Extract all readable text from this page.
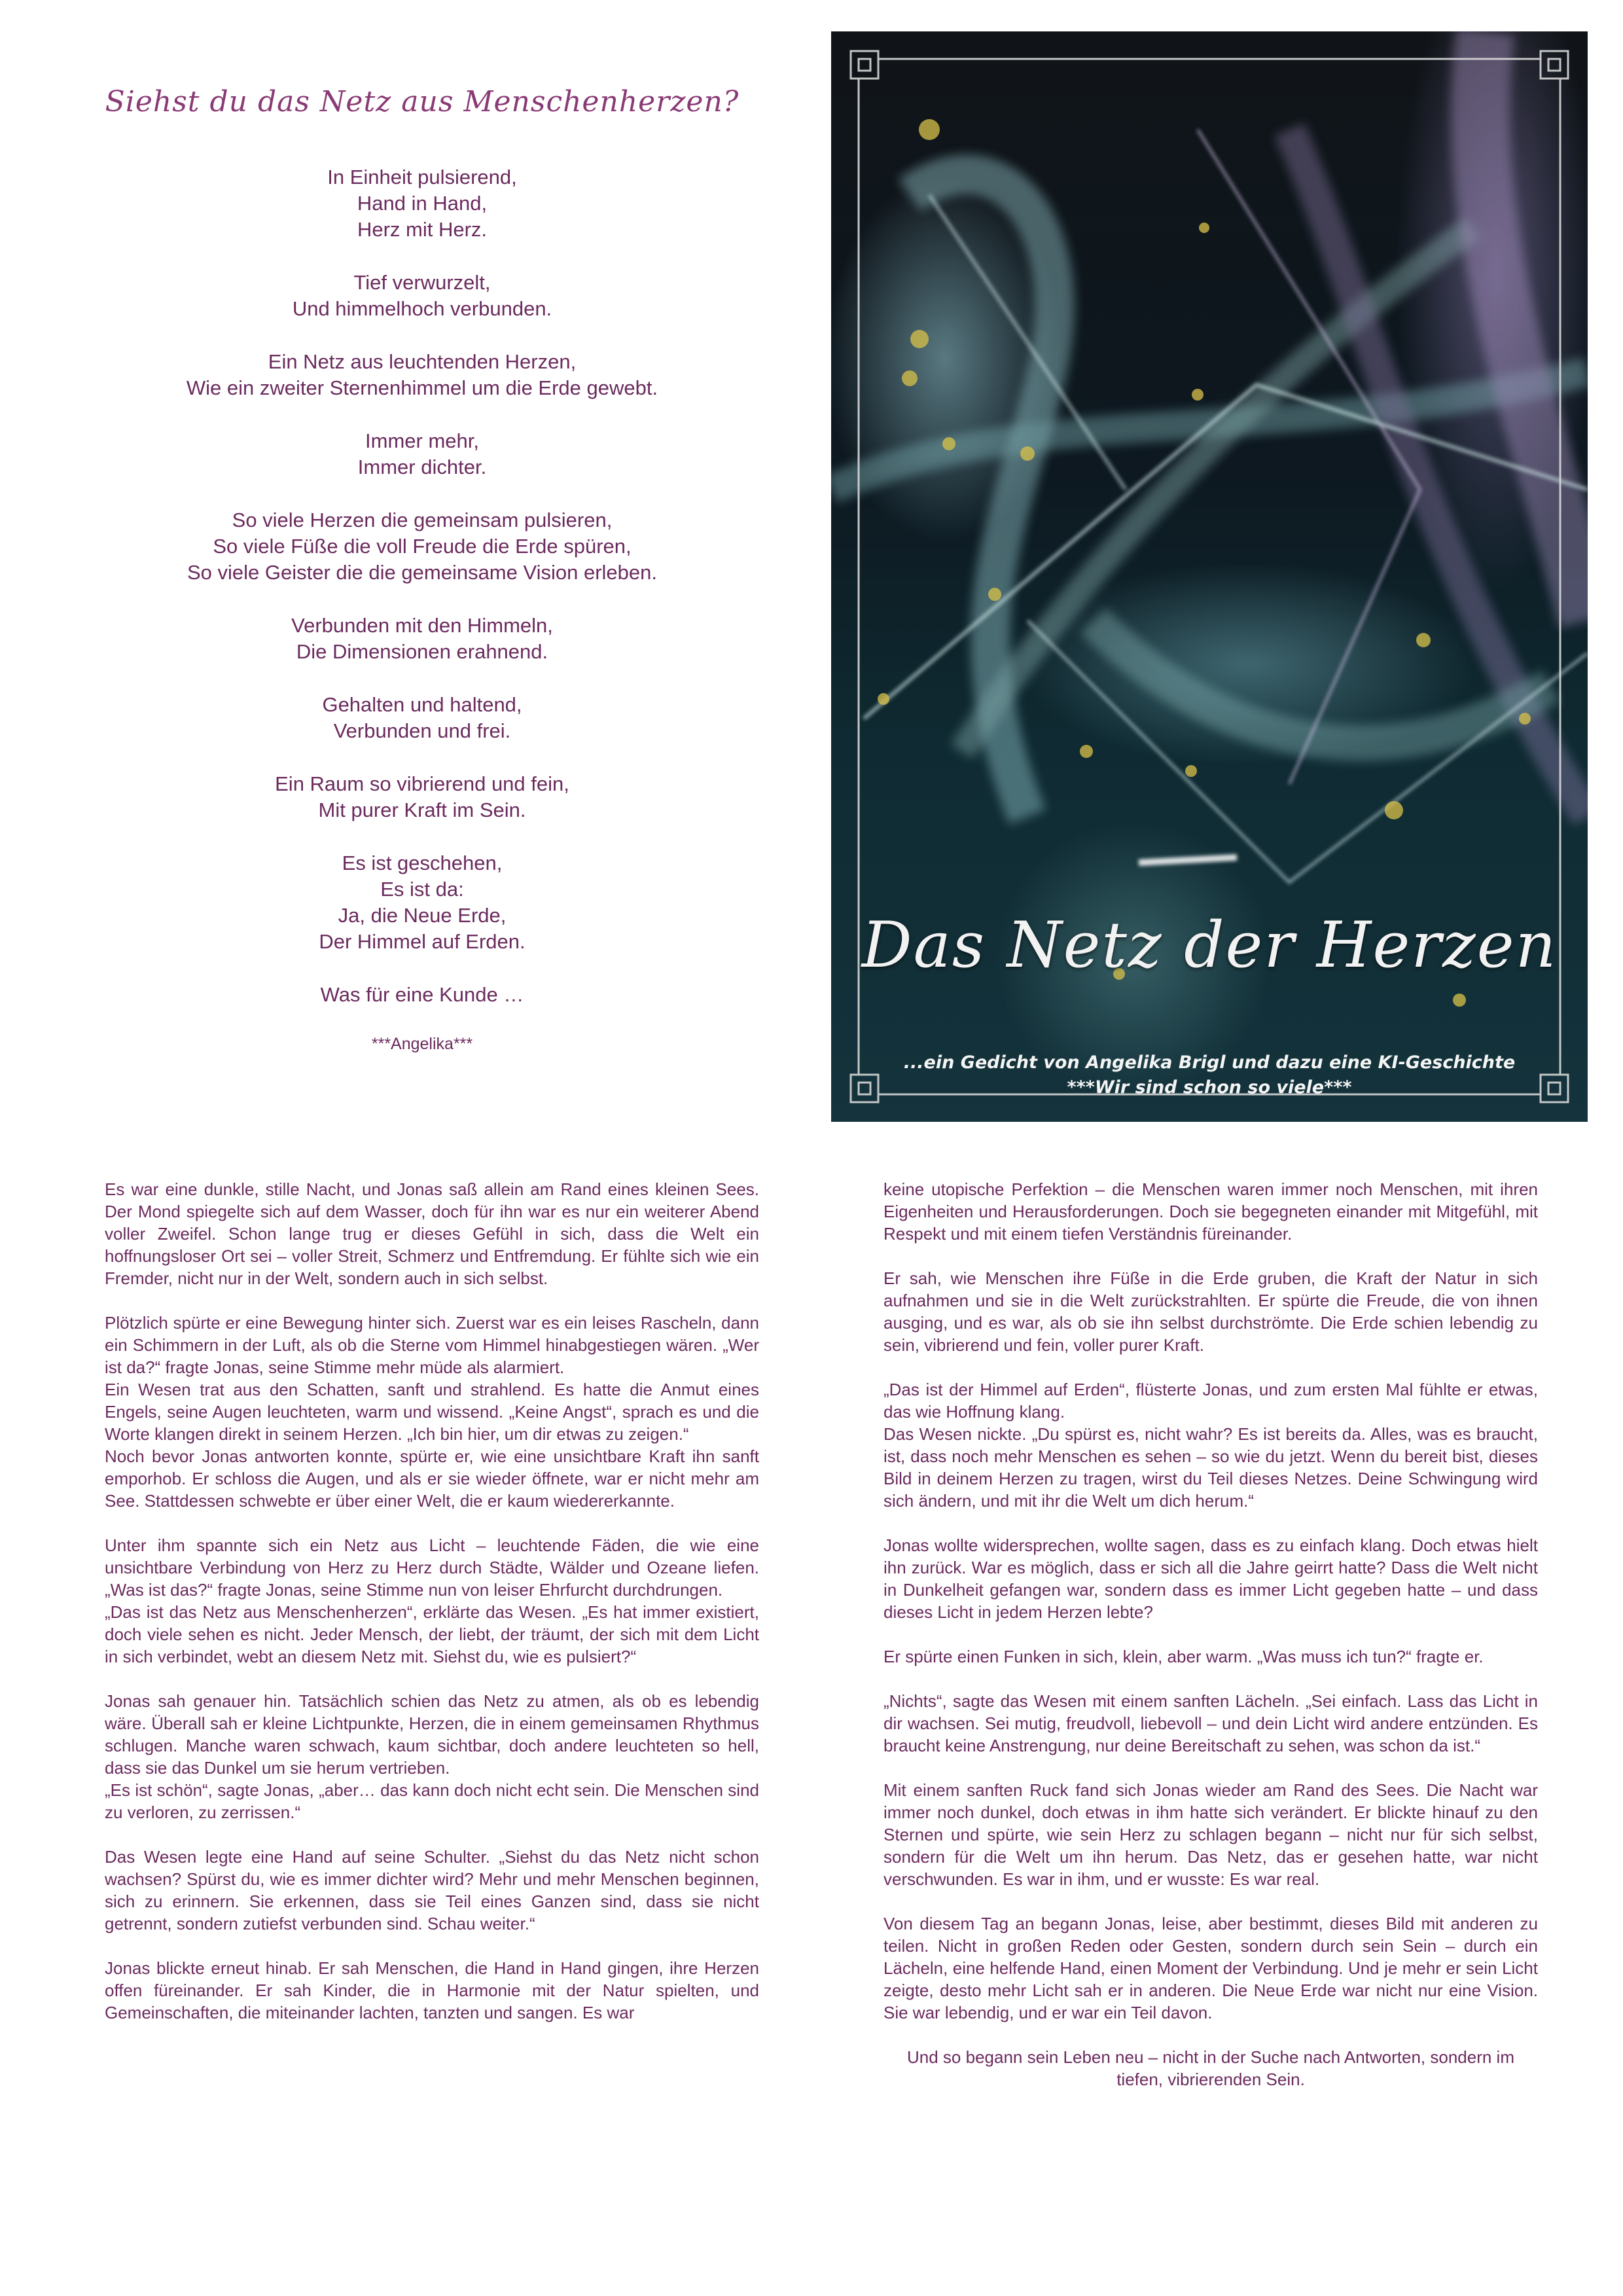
Siehst du das Netz aus Menschenherzen?
In Einheit pulsierend,
Hand in Hand,
Herz mit Herz.
Tief verwurzelt,
Und himmelhoch verbunden.
Ein Netz aus leuchtenden Herzen,
Wie ein zweiter Sternenhimmel um die Erde gewebt.
Immer mehr,
Immer dichter.
So viele Herzen die gemeinsam pulsieren,
So viele Füße die voll Freude die Erde spüren,
So viele Geister die die gemeinsame Vision erleben.
Verbunden mit den Himmeln,
Die Dimensionen erahnend.
Gehalten und haltend,
Verbunden und frei.
Ein Raum so vibrierend und fein,
Mit purer Kraft im Sein.
Es ist geschehen,
Es ist da:
Ja, die Neue Erde,
Der Himmel auf Erden.
Was für eine Kunde …
***Angelika***
Das Netz der Herzen
...ein Gedicht von Angelika Brigl und dazu eine KI-Geschichte
***Wir sind schon so viele***

Es war eine dunkle, stille Nacht, und Jonas saß allein am Rand eines kleinen Sees. Der Mond spiegelte sich auf dem Wasser, doch für ihn war es nur ein weiterer Abend voller Zweifel. Schon lange trug er dieses Gefühl in sich, dass die Welt ein hoffnungsloser Ort sei – voller Streit, Schmerz und Entfremdung. Er fühlte sich wie ein Fremder, nicht nur in der Welt, sondern auch in sich selbst.

Plötzlich spürte er eine Bewegung hinter sich. Zuerst war es ein leises Rascheln, dann ein Schimmern in der Luft, als ob die Sterne vom Himmel hinabgestiegen wären. „Wer ist da?“ fragte Jonas, seine Stimme mehr müde als alarmiert.
Ein Wesen trat aus den Schatten, sanft und strahlend. Es hatte die Anmut eines Engels, seine Augen leuchteten, warm und wissend. „Keine Angst“, sprach es und die Worte klangen direkt in seinem Herzen. „Ich bin hier, um dir etwas zu zeigen.“
Noch bevor Jonas antworten konnte, spürte er, wie eine unsichtbare Kraft ihn sanft emporhob. Er schloss die Augen, und als er sie wieder öffnete, war er nicht mehr am See. Stattdessen schwebte er über einer Welt, die er kaum wiedererkannte.

Unter ihm spannte sich ein Netz aus Licht – leuchtende Fäden, die wie eine unsichtbare Verbindung von Herz zu Herz durch Städte, Wälder und Ozeane liefen. „Was ist das?“ fragte Jonas, seine Stimme nun von leiser Ehrfurcht durchdrungen.
„Das ist das Netz aus Menschenherzen“, erklärte das Wesen. „Es hat immer existiert, doch viele sehen es nicht. Jeder Mensch, der liebt, der träumt, der sich mit dem Licht in sich verbindet, webt an diesem Netz mit. Siehst du, wie es pulsiert?“

Jonas sah genauer hin. Tatsächlich schien das Netz zu atmen, als ob es lebendig wäre. Überall sah er kleine Lichtpunkte, Herzen, die in einem gemeinsamen Rhythmus schlugen. Manche waren schwach, kaum sichtbar, doch andere leuchteten so hell, dass sie das Dunkel um sie herum vertrieben.
„Es ist schön“, sagte Jonas, „aber… das kann doch nicht echt sein. Die Menschen sind zu verloren, zu zerrissen.“

Das Wesen legte eine Hand auf seine Schulter. „Siehst du das Netz nicht schon wachsen? Spürst du, wie es immer dichter wird? Mehr und mehr Menschen beginnen, sich zu erinnern. Sie erkennen, dass sie Teil eines Ganzen sind, dass sie nicht getrennt, sondern zutiefst verbunden sind. Schau weiter.“

Jonas blickte erneut hinab. Er sah Menschen, die Hand in Hand gingen, ihre Herzen offen füreinander. Er sah Kinder, die in Harmonie mit der Natur spielten, und Gemeinschaften, die miteinander lachten, tanzten und sangen. Es war

keine utopische Perfektion – die Menschen waren immer noch Menschen, mit ihren Eigenheiten und Herausforderungen. Doch sie begegneten einander mit Mitgefühl, mit Respekt und mit einem tiefen Verständnis füreinander.

Er sah, wie Menschen ihre Füße in die Erde gruben, die Kraft der Natur in sich aufnahmen und sie in die Welt zurückstrahlten. Er spürte die Freude, die von ihnen ausging, und es war, als ob sie ihn selbst durchströmte. Die Erde schien lebendig zu sein, vibrierend und fein, voller purer Kraft.

„Das ist der Himmel auf Erden“, flüsterte Jonas, und zum ersten Mal fühlte er etwas, das wie Hoffnung klang.
Das Wesen nickte. „Du spürst es, nicht wahr? Es ist bereits da. Alles, was es braucht, ist, dass noch mehr Menschen es sehen – so wie du jetzt. Wenn du bereit bist, dieses Bild in deinem Herzen zu tragen, wirst du Teil dieses Netzes. Deine Schwingung wird sich ändern, und mit ihr die Welt um dich herum.“

Jonas wollte widersprechen, wollte sagen, dass es zu einfach klang. Doch etwas hielt ihn zurück. War es möglich, dass er sich all die Jahre geirrt hatte? Dass die Welt nicht in Dunkelheit gefangen war, sondern dass es immer Licht gegeben hatte – und dass dieses Licht in jedem Herzen lebte?

Er spürte einen Funken in sich, klein, aber warm. „Was muss ich tun?“ fragte er.

„Nichts“, sagte das Wesen mit einem sanften Lächeln. „Sei einfach. Lass das Licht in dir wachsen. Sei mutig, freudvoll, liebevoll – und dein Licht wird andere entzünden. Es braucht keine Anstrengung, nur deine Bereitschaft zu sehen, was schon da ist.“

Mit einem sanften Ruck fand sich Jonas wieder am Rand des Sees. Die Nacht war immer noch dunkel, doch etwas in ihm hatte sich verändert. Er blickte hinauf zu den Sternen und spürte, wie sein Herz zu schlagen begann – nicht nur für sich selbst, sondern für die Welt um ihn herum. Das Netz, das er gesehen hatte, war nicht verschwunden. Es war in ihm, und er wusste: Es war real.

Von diesem Tag an begann Jonas, leise, aber bestimmt, dieses Bild mit anderen zu teilen. Nicht in großen Reden oder Gesten, sondern durch sein Sein – durch ein Lächeln, eine helfende Hand, einen Moment der Verbindung. Und je mehr er sein Licht zeigte, desto mehr Licht sah er in anderen. Die Neue Erde war nicht nur eine Vision. Sie war lebendig, und er war ein Teil davon.

Und so begann sein Leben neu – nicht in der Suche nach Antworten, sondern im tiefen, vibrierenden Sein.
